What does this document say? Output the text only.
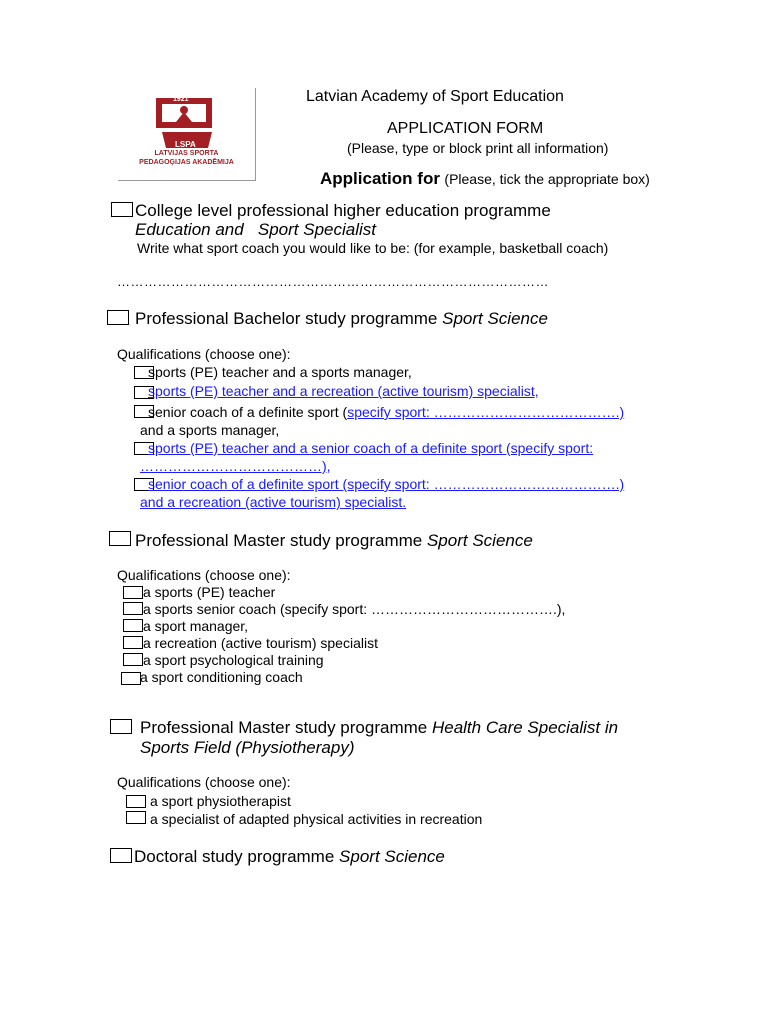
1921
LSPA
LATVIJAS SPORTA
PEDAGOĢIJAS AKADĒMIJA
Latvian Academy of Sport Education
APPLICATION FORM
(Please, type or block print all information)
Application for (Please, tick the appropriate box)
College level professional higher education programme
Education and Sport Specialist
Write what sport coach you would like to be: (for example, basketball coach)
……………………………………………………………………………………
Professional Bachelor study programme Sport Science
Qualifications (choose one):
sports (PE) teacher and a sports manager,
sports (PE) teacher and a recreation (active tourism) specialist,
senior coach of a definite sport (specify sport: ………………………………….)
and a sports manager,
sports (PE) teacher and a senior coach of a definite sport (specify sport:
…………………………………),
senior coach of a definite sport (specify sport: ………………………………….)
and a recreation (active tourism) specialist.
Professional Master study programme Sport Science
Qualifications (choose one):
a sports (PE) teacher
a sports senior coach (specify sport: ………………………………….),
a sport manager,
a recreation (active tourism) specialist
a sport psychological training
a sport conditioning coach
Professional Master study programme Health Care Specialist in
Sports Field (Physiotherapy)
Qualifications (choose one):
a sport physiotherapist
a specialist of adapted physical activities in recreation
Doctoral study programme Sport Science
